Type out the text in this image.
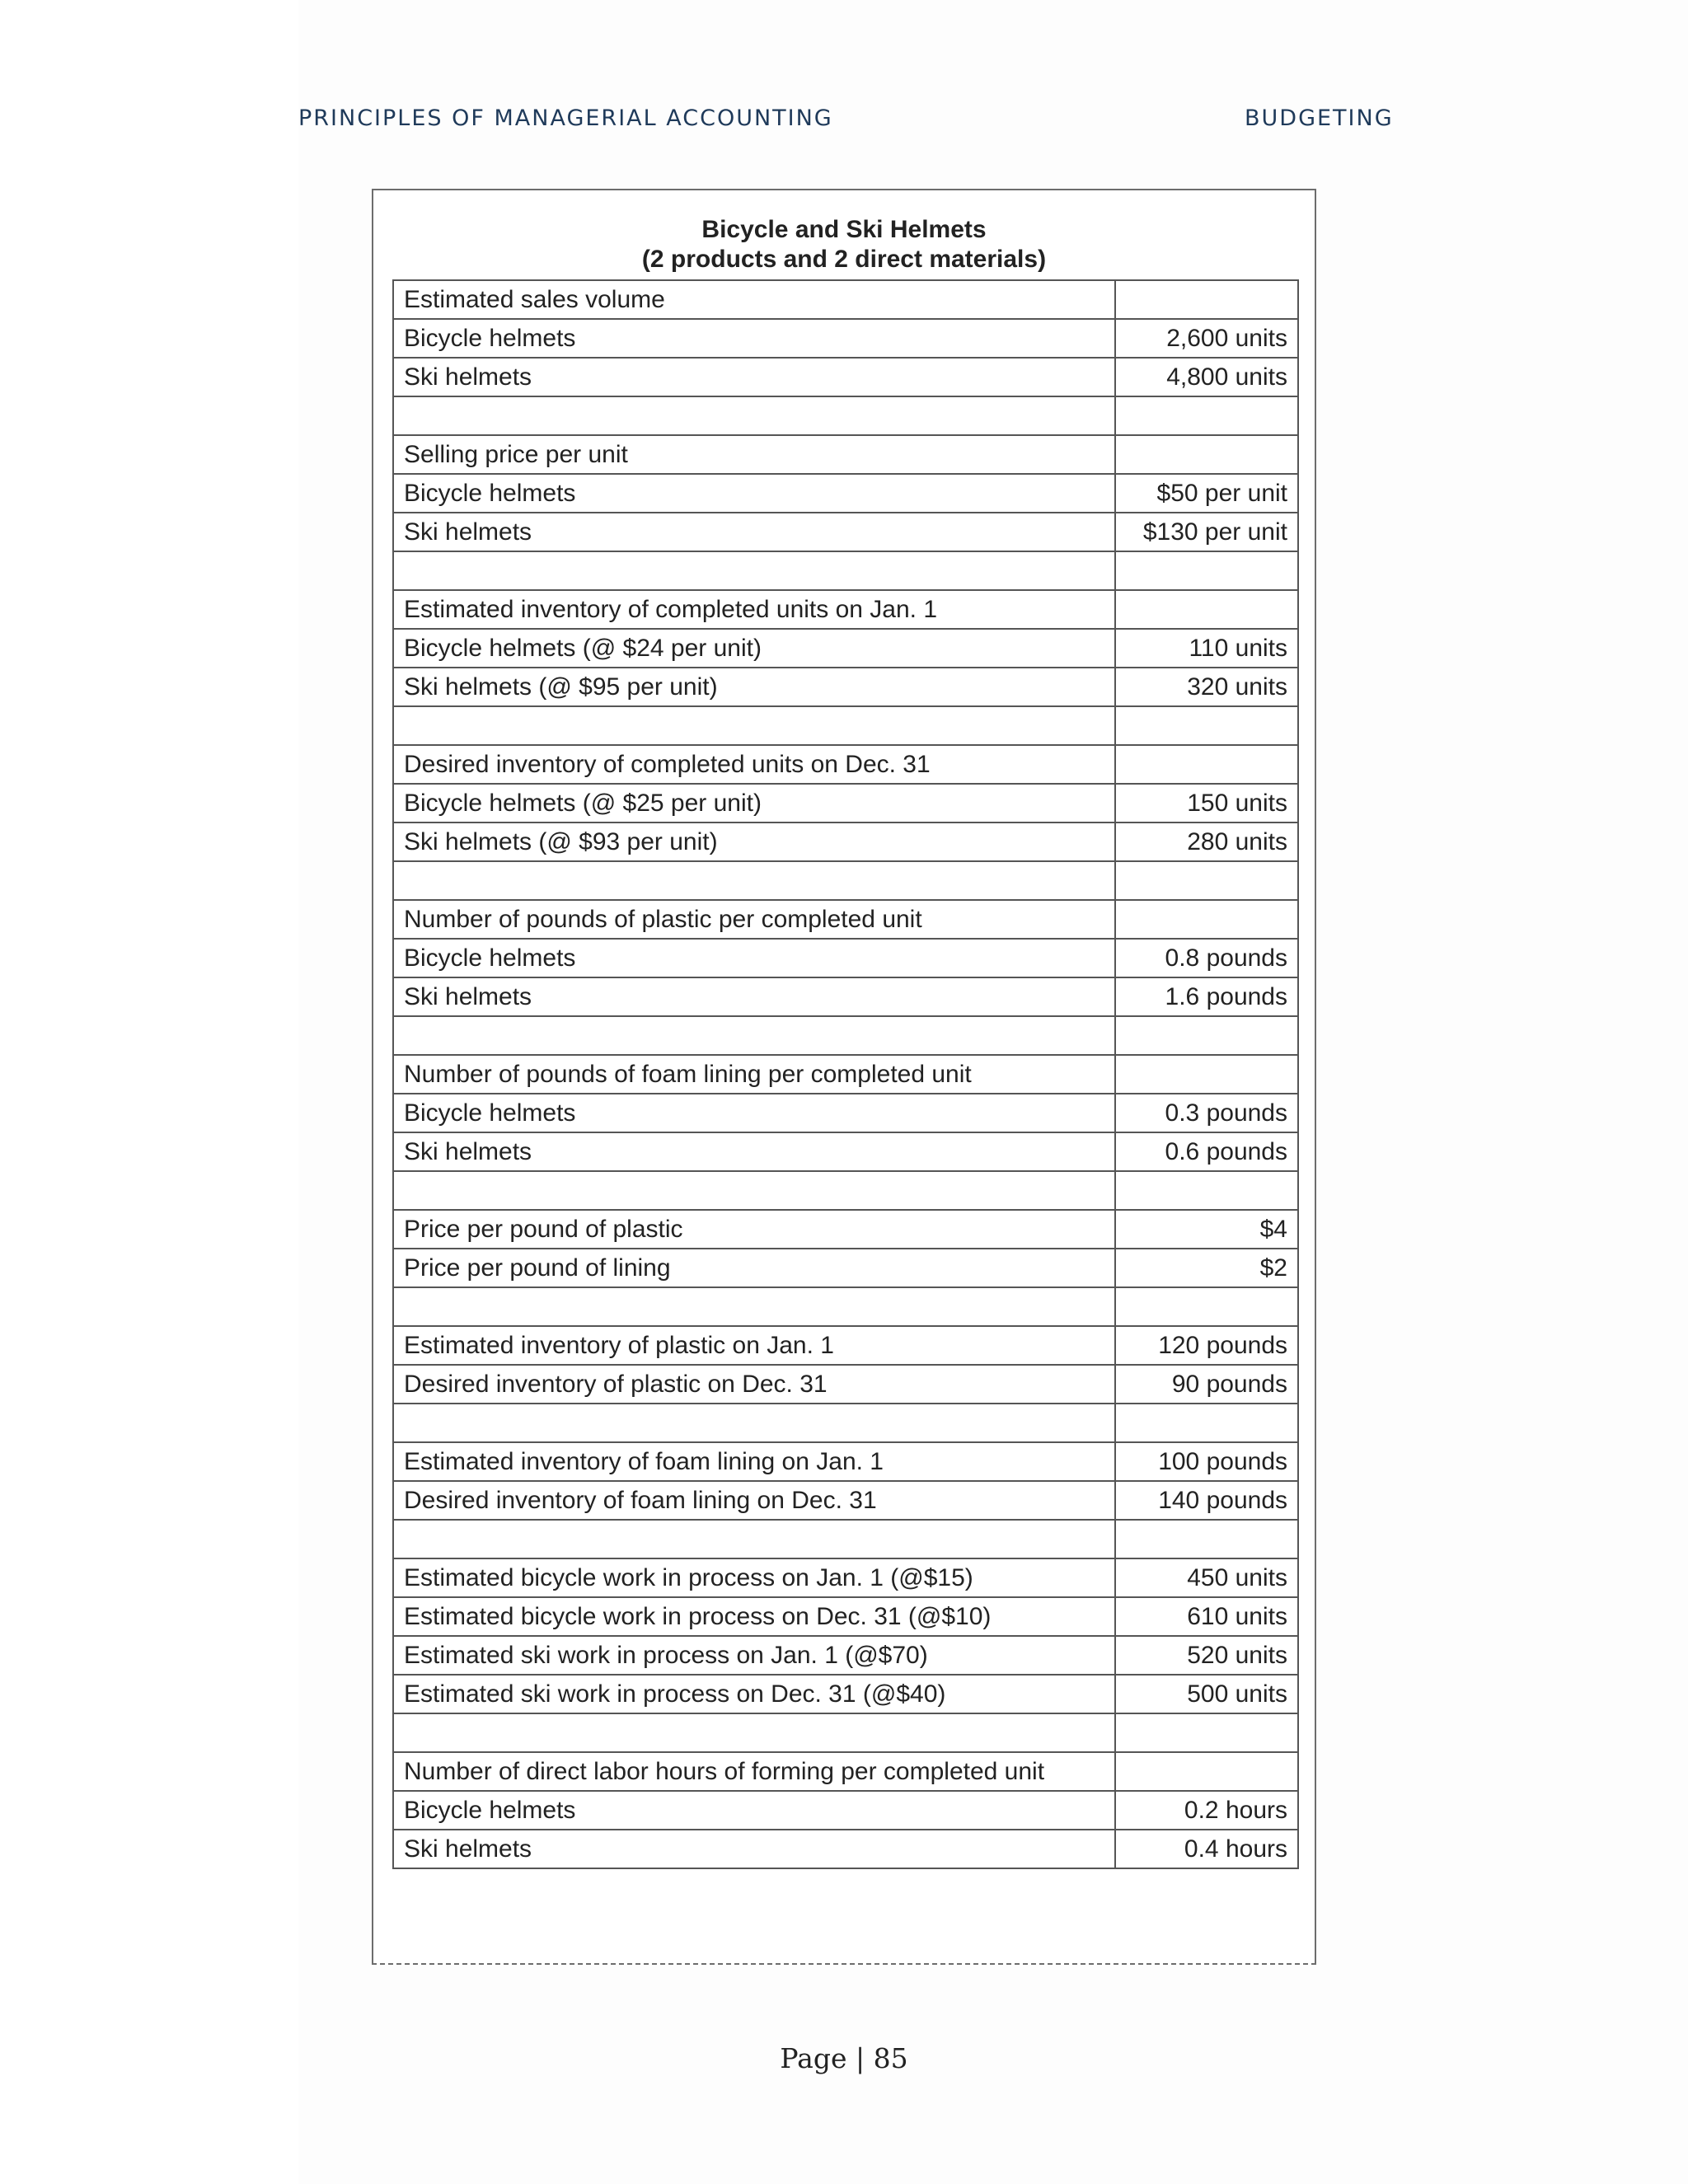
PRINCIPLES OF MANAGERIAL ACCOUNTING	BUDGETING
Bicycle and Ski Helmets
(2 products and 2 direct materials)
Estimated sales volume	
Bicycle helmets	2,600 units
Ski helmets	4,800 units

Selling price per unit	
Bicycle helmets	$50 per unit
Ski helmets	$130 per unit

Estimated inventory of completed units on Jan. 1	
Bicycle helmets (@ $24 per unit)	110 units
Ski helmets (@ $95 per unit)	320 units

Desired inventory of completed units on Dec. 31	
Bicycle helmets (@ $25 per unit)	150 units
Ski helmets (@ $93 per unit)	280 units

Number of pounds of plastic per completed unit	
Bicycle helmets	0.8 pounds
Ski helmets	1.6 pounds

Number of pounds of foam lining per completed unit	
Bicycle helmets	0.3 pounds
Ski helmets	0.6 pounds

Price per pound of plastic	$4
Price per pound of lining	$2

Estimated inventory of plastic on Jan. 1	120 pounds
Desired inventory of plastic on Dec. 31	90 pounds

Estimated inventory of foam lining on Jan. 1	100 pounds
Desired inventory of foam lining on Dec. 31	140 pounds

Estimated bicycle work in process on Jan. 1 (@$15)	450 units
Estimated bicycle work in process on Dec. 31 (@$10)	610 units
Estimated ski work in process on Jan. 1 (@$70)	520 units
Estimated ski work in process on Dec. 31 (@$40)	500 units

Number of direct labor hours of forming per completed unit	
Bicycle helmets	0.2 hours
Ski helmets	0.4 hours
Page | 85
